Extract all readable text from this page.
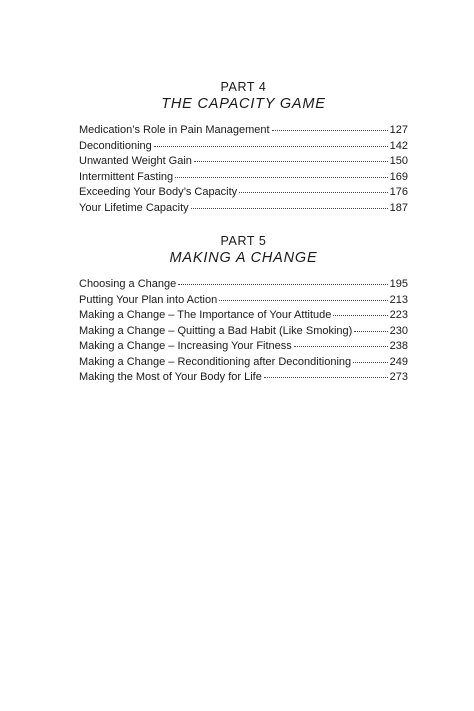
PART 4
THE CAPACITY GAME
Medication’s Role in Pain Management	127
Deconditioning	142
Unwanted Weight Gain	150
Intermittent Fasting	169
Exceeding Your Body’s Capacity	176
Your Lifetime Capacity	187
PART 5
MAKING A CHANGE
Choosing a Change	195
Putting Your Plan into Action	213
Making a Change – The Importance of Your Attitude	223
Making a Change – Quitting a Bad Habit (Like Smoking)	230
Making a Change – Increasing Your Fitness	238
Making a Change – Reconditioning after Deconditioning	249
Making the Most of Your Body for Life	273
